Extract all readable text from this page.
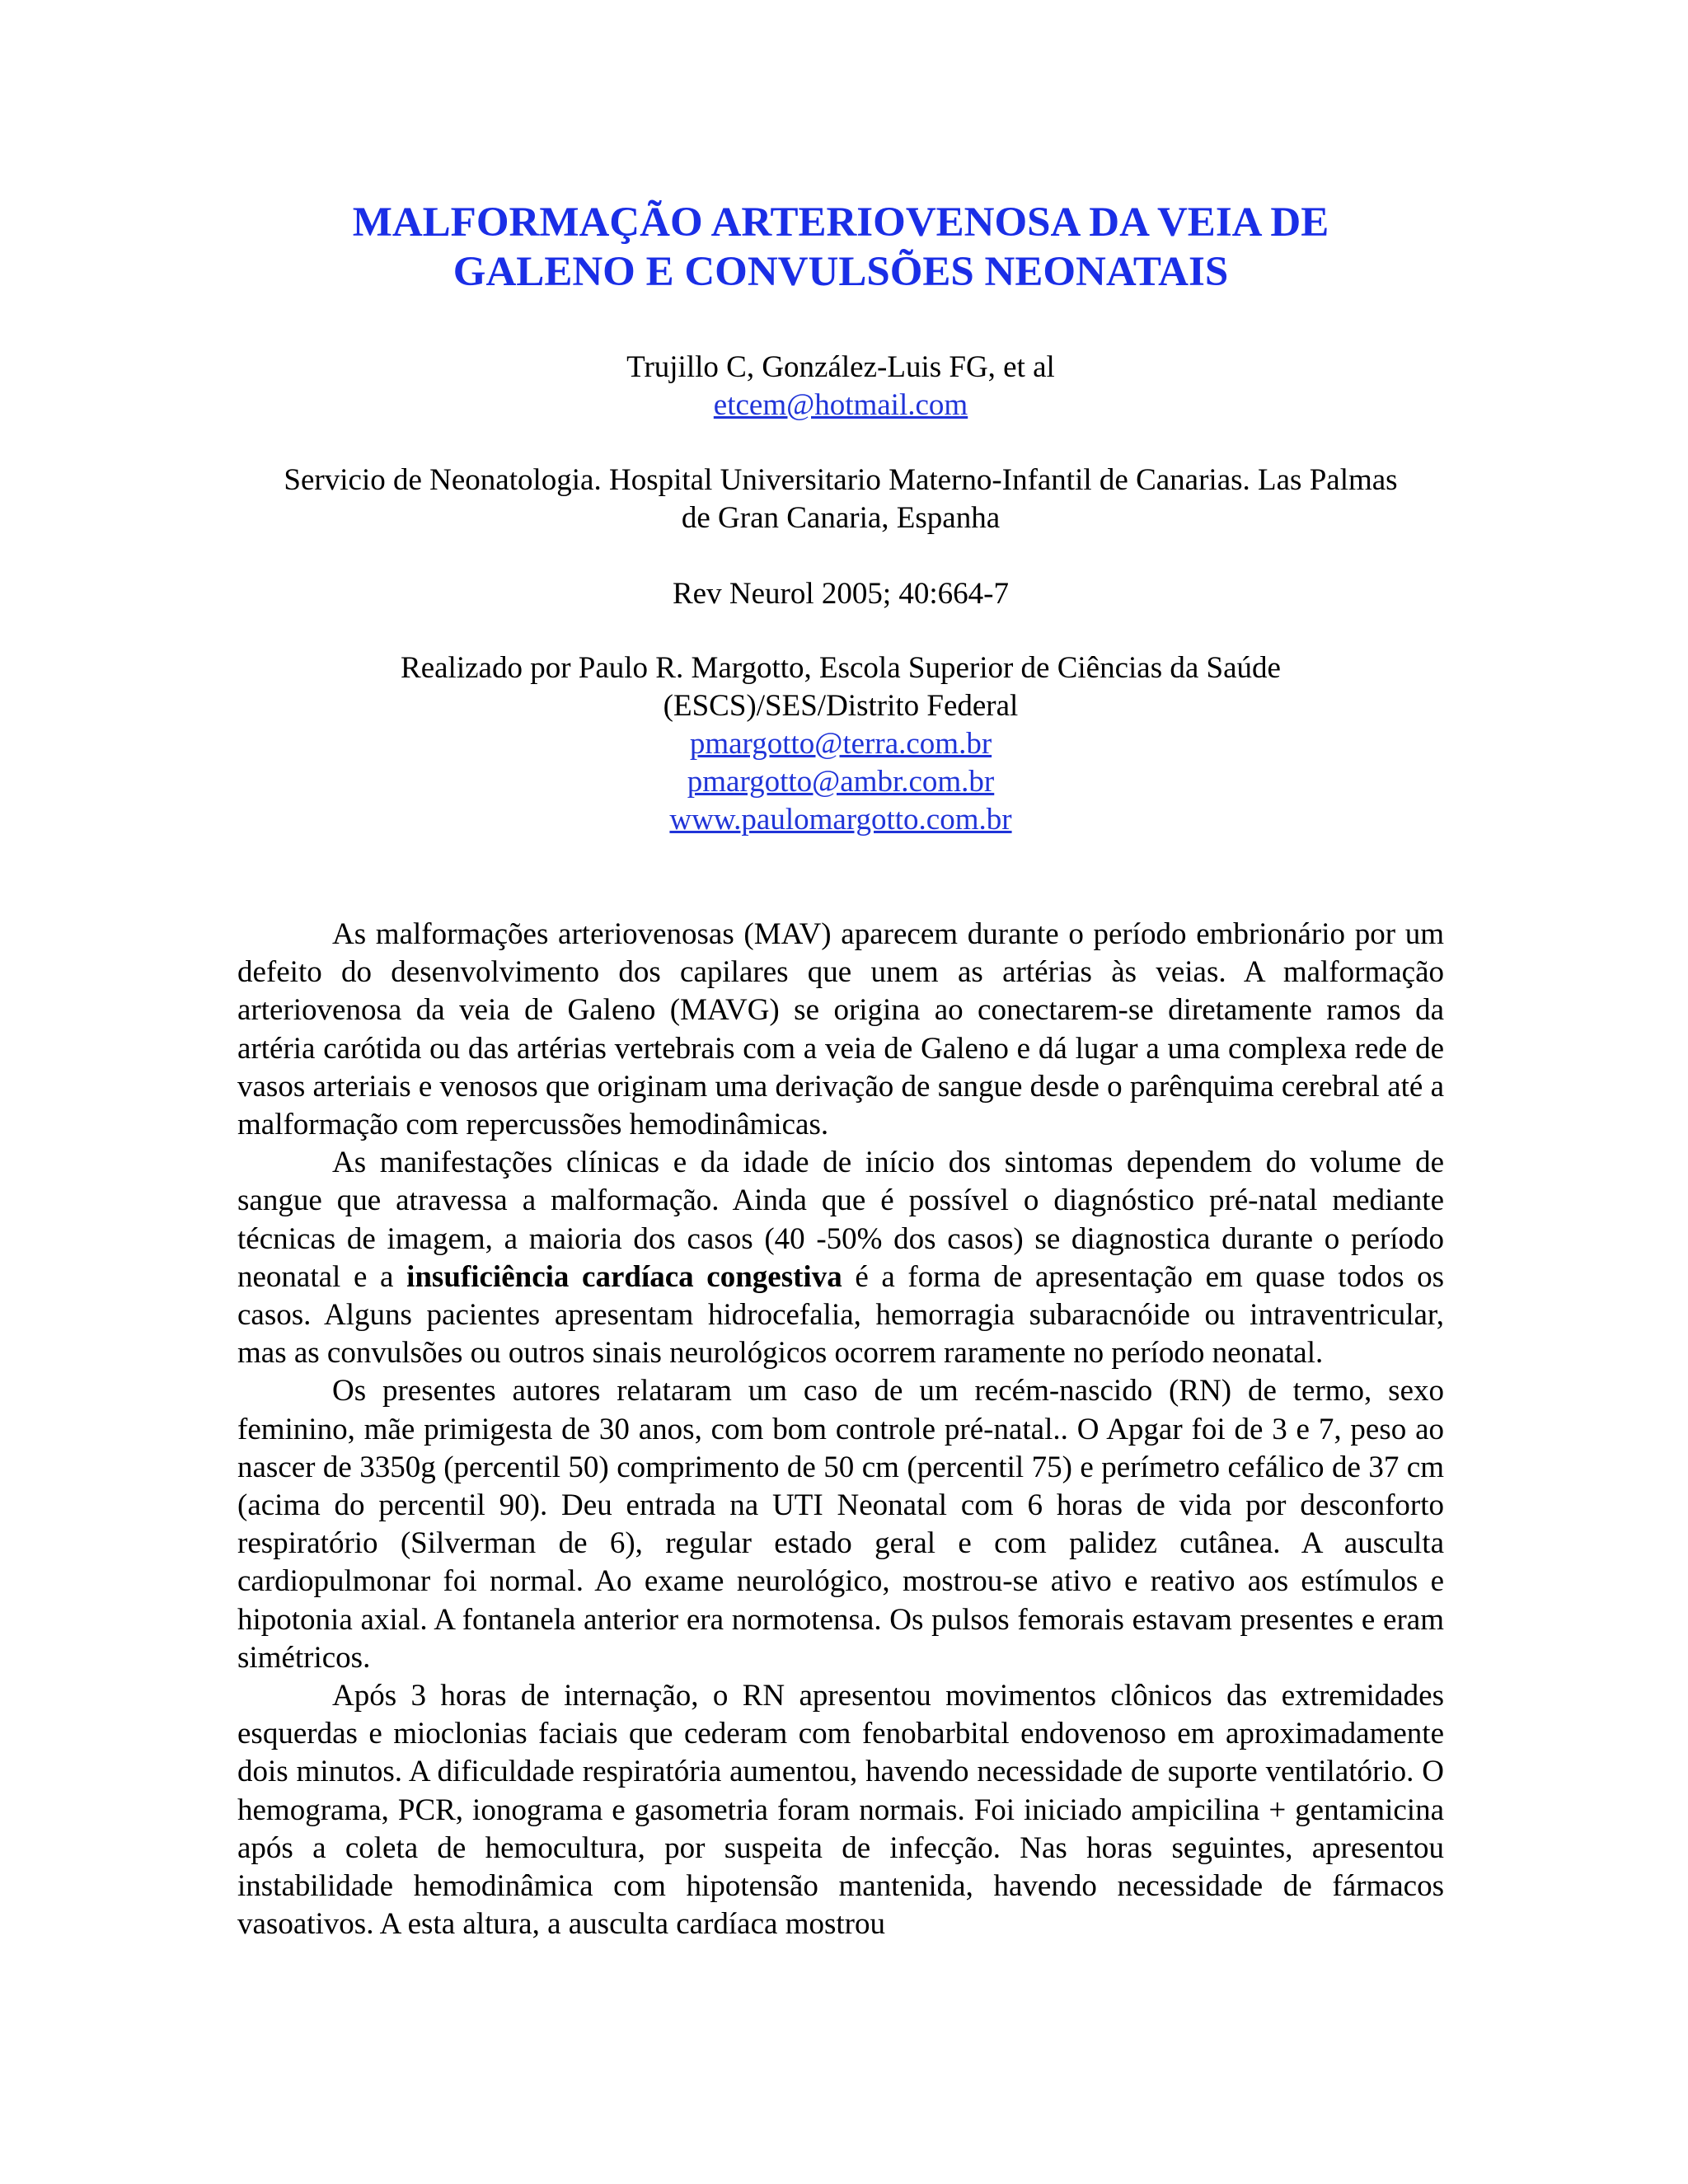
MALFORMAÇÃO ARTERIOVENOSA DA VEIA DE
GALENO E CONVULSÕES NEONATAIS

Trujillo C, González-Luis FG, et al

etcem@hotmail.com

Servicio de Neonatologia. Hospital Universitario Materno-Infantil de Canarias. Las Palmas

de Gran Canaria, Espanha

Rev Neurol 2005; 40:664-7

Realizado por Paulo R. Margotto, Escola Superior de Ciências da Saúde

(ESCS)/SES/Distrito Federal

pmargotto@terra.com.br

pmargotto@ambr.com.br

www.paulomargotto.com.br

As malformações arteriovenosas (MAV) aparecem durante o período embrionário por um defeito do desenvolvimento dos capilares que unem as artérias às veias. A malformação arteriovenosa da veia de Galeno (MAVG) se origina ao conectarem-se diretamente ramos da artéria carótida ou das artérias vertebrais com a veia de Galeno e dá lugar a uma complexa rede de vasos arteriais e venosos que originam uma derivação de sangue desde o parênquima cerebral até a malformação com repercussões hemodinâmicas.

As manifestações clínicas e da idade de início dos sintomas dependem do volume de sangue que atravessa a malformação. Ainda que é possível o diagnóstico pré-natal mediante técnicas de imagem, a maioria dos casos (40 -50% dos casos) se diagnostica durante o período neonatal e a insuficiência cardíaca congestiva é a forma de apresentação em quase todos os casos. Alguns pacientes apresentam hidrocefalia, hemorragia subaracnóide ou intraventricular, mas as convulsões ou outros sinais neurológicos ocorrem raramente no período neonatal.

Os presentes autores relataram um caso de um recém-nascido (RN) de termo, sexo feminino, mãe primigesta de 30 anos, com bom controle pré-natal.. O Apgar foi de 3 e 7, peso ao nascer de 3350g (percentil 50) comprimento de 50 cm (percentil 75) e perímetro cefálico de 37 cm (acima do percentil 90). Deu entrada na UTI Neonatal com 6 horas de vida por desconforto respiratório (Silverman de 6), regular estado geral e com palidez cutânea. A ausculta cardiopulmonar foi normal. Ao exame neurológico, mostrou-se ativo e reativo aos estímulos e hipotonia axial. A fontanela anterior era normotensa. Os pulsos femorais estavam presentes e eram simétricos.

Após 3 horas de internação, o RN apresentou movimentos clônicos das extremidades esquerdas e mioclonias faciais que cederam com fenobarbital endovenoso em aproximadamente dois minutos. A dificuldade respiratória aumentou, havendo necessidade de suporte ventilatório. O hemograma, PCR, ionograma e gasometria foram normais. Foi iniciado ampicilina + gentamicina após a coleta de hemocultura, por suspeita de infecção. Nas horas seguintes, apresentou instabilidade hemodinâmica com hipotensão mantenida, havendo necessidade de fármacos vasoativos. A esta altura, a ausculta cardíaca mostrou
